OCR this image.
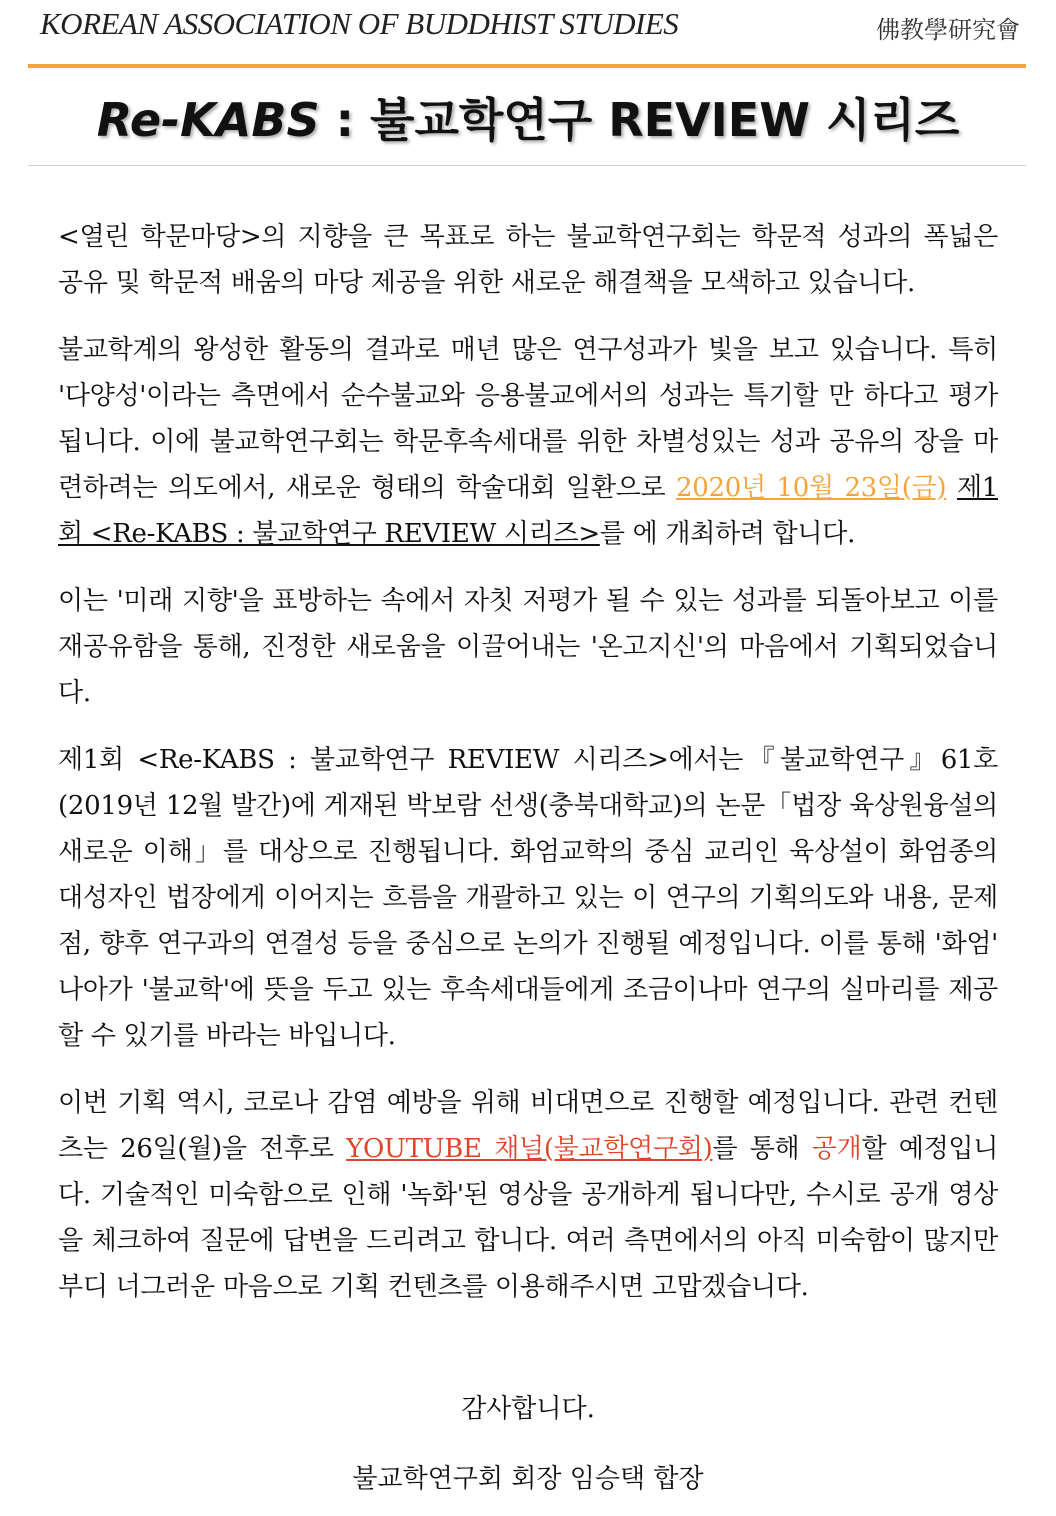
KOREAN ASSOCIATION OF BUDDHIST STUDIES	佛教學研究會
Re-KABS : 불교학연구 REVIEW 시리즈

<열린 학문마당>의 지향을 큰 목표로 하는 불교학연구회는 학문적 성과의 폭넓은 공유 및 학문적 배움의 마당 제공을 위한 새로운 해결책을 모색하고 있습니다.

불교학계의 왕성한 활동의 결과로 매년 많은 연구성과가 빛을 보고 있습니다. 특히 '다양성'이라는 측면에서 순수불교와 응용불교에서의 성과는 특기할 만 하다고 평가됩니다. 이에 불교학연구회는 학문후속세대를 위한 차별성있는 성과 공유의 장을 마련하려는 의도에서, 새로운 형태의 학술대회 일환으로 2020년 10월 23일(금) 제1회 <Re-KABS : 불교학연구 REVIEW 시리즈>를 에 개최하려 합니다.

이는 '미래 지향'을 표방하는 속에서 자칫 저평가 될 수 있는 성과를 되돌아보고 이를 재공유함을 통해, 진정한 새로움을 이끌어내는 '온고지신'의 마음에서 기획되었습니다.

제1회 <Re-KABS : 불교학연구 REVIEW 시리즈>에서는『불교학연구』61호(2019년 12월 발간)에 게재된 박보람 선생(충북대학교)의 논문「법장 육상원융설의 새로운 이해」를 대상으로 진행됩니다. 화엄교학의 중심 교리인 육상설이 화엄종의 대성자인 법장에게 이어지는 흐름을 개괄하고 있는 이 연구의 기획의도와 내용, 문제점, 향후 연구과의 연결성 등을 중심으로 논의가 진행될 예정입니다. 이를 통해 '화엄' 나아가 '불교학'에 뜻을 두고 있는 후속세대들에게 조금이나마 연구의 실마리를 제공할 수 있기를 바라는 바입니다.

이번 기획 역시, 코로나 감염 예방을 위해 비대면으로 진행할 예정입니다. 관련 컨텐츠는 26일(월)을 전후로 YOUTUBE 채널(불교학연구회)를 통해 공개할 예정입니다. 기술적인 미숙함으로 인해 '녹화'된 영상을 공개하게 됩니다만, 수시로 공개 영상을 체크하여 질문에 답변을 드리려고 합니다. 여러 측면에서의 아직 미숙함이 많지만 부디 너그러운 마음으로 기획 컨텐츠를 이용해주시면 고맙겠습니다.

감사합니다.

불교학연구회 회장 임승택 합장
